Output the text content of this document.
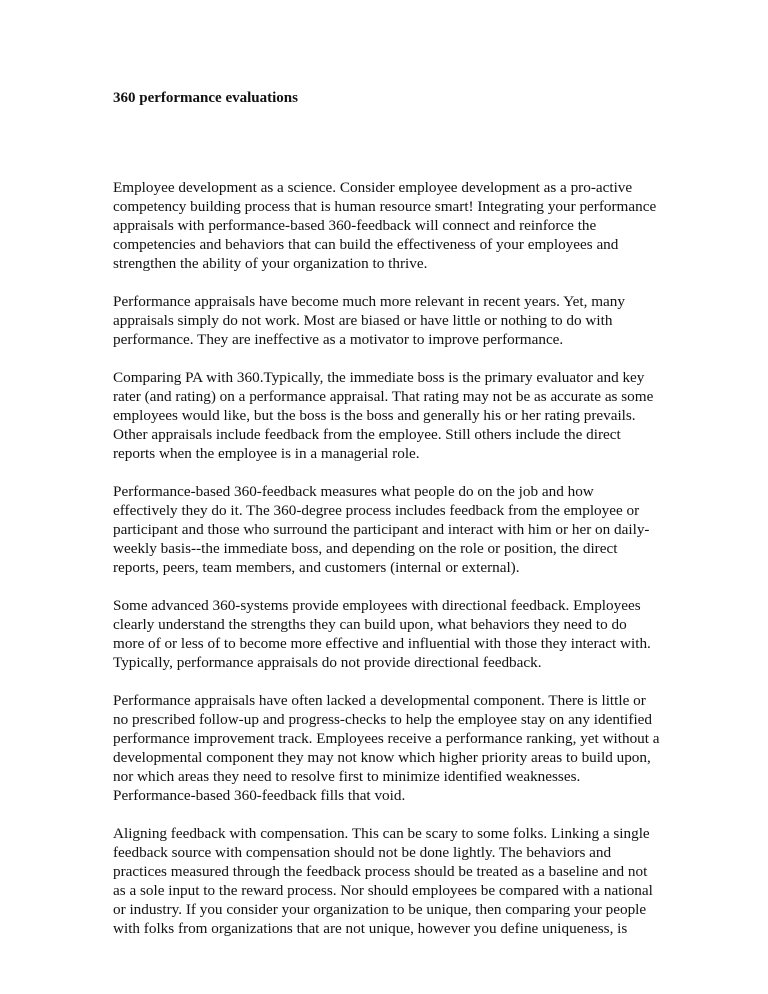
360 performance evaluations

Employee development as a science. Consider employee development as a pro-active
competency building process that is human resource smart! Integrating your performance
appraisals with performance-based 360-feedback will connect and reinforce the
competencies and behaviors that can build the effectiveness of your employees and
strengthen the ability of your organization to thrive.

Performance appraisals have become much more relevant in recent years. Yet, many
appraisals simply do not work. Most are biased or have little or nothing to do with
performance. They are ineffective as a motivator to improve performance.

Comparing PA with 360.Typically, the immediate boss is the primary evaluator and key
rater (and rating) on a performance appraisal. That rating may not be as accurate as some
employees would like, but the boss is the boss and generally his or her rating prevails.
Other appraisals include feedback from the employee. Still others include the direct
reports when the employee is in a managerial role.

Performance-based 360-feedback measures what people do on the job and how
effectively they do it. The 360-degree process includes feedback from the employee or
participant and those who surround the participant and interact with him or her on daily-
weekly basis--the immediate boss, and depending on the role or position, the direct
reports, peers, team members, and customers (internal or external).

Some advanced 360-systems provide employees with directional feedback. Employees
clearly understand the strengths they can build upon, what behaviors they need to do
more of or less of to become more effective and influential with those they interact with.
Typically, performance appraisals do not provide directional feedback.

Performance appraisals have often lacked a developmental component. There is little or
no prescribed follow-up and progress-checks to help the employee stay on any identified
performance improvement track. Employees receive a performance ranking, yet without a
developmental component they may not know which higher priority areas to build upon,
nor which areas they need to resolve first to minimize identified weaknesses.
Performance-based 360-feedback fills that void.

Aligning feedback with compensation. This can be scary to some folks. Linking a single
feedback source with compensation should not be done lightly. The behaviors and
practices measured through the feedback process should be treated as a baseline and not
as a sole input to the reward process. Nor should employees be compared with a national
or industry. If you consider your organization to be unique, then comparing your people
with folks from organizations that are not unique, however you define uniqueness, is
